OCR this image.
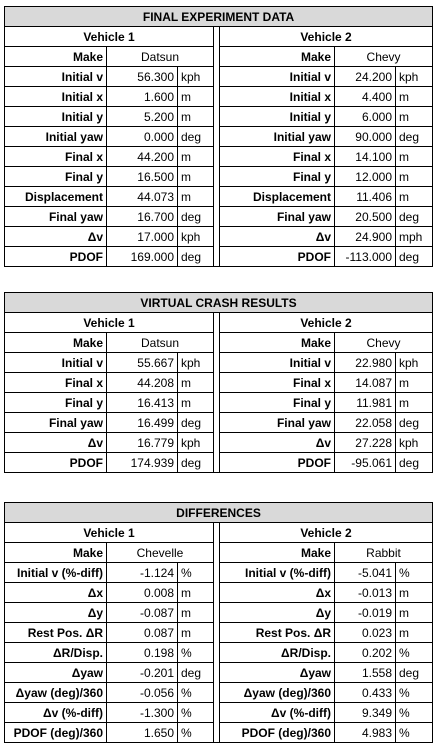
FINAL EXPERIMENT DATA						
Vehicle 1				Vehicle 2		
Make	Datsun			Make	Chevy	
Initial v	56.300	kph		Initial v	24.200	kph
Initial x	1.600	m		Initial x	4.400	m
Initial y	5.200	m		Initial y	6.000	m
Initial yaw	0.000	deg		Initial yaw	90.000	deg
Final x	44.200	m		Final x	14.100	m
Final y	16.500	m		Final y	12.000	m
Displacement	44.073	m		Displacement	11.406	m
Final yaw	16.700	deg		Final yaw	20.500	deg
Δv	17.000	kph		Δv	24.900	mph
PDOF	169.000	deg		PDOF	-113.000	deg
VIRTUAL CRASH RESULTS						
Vehicle 1				Vehicle 2		
Make	Datsun			Make	Chevy	
Initial v	55.667	kph		Initial v	22.980	kph
Final x	44.208	m		Final x	14.087	m
Final y	16.413	m		Final y	11.981	m
Final yaw	16.499	deg		Final yaw	22.058	deg
Δv	16.779	kph		Δv	27.228	kph
PDOF	174.939	deg		PDOF	-95.061	deg
DIFFERENCES						
Vehicle 1				Vehicle 2		
Make	Chevelle			Make	Rabbit	
Initial v (%-diff)	-1.124	%		Initial v (%-diff)	-5.041	%
Δx	0.008	m		Δx	-0.013	m
Δy	-0.087	m		Δy	-0.019	m
Rest Pos. ΔR	0.087	m		Rest Pos. ΔR	0.023	m
ΔR/Disp.	0.198	%		ΔR/Disp.	0.202	%
Δyaw	-0.201	deg		Δyaw	1.558	deg
Δyaw (deg)/360	-0.056	%		Δyaw (deg)/360	0.433	%
Δv (%-diff)	-1.300	%		Δv (%-diff)	9.349	%
PDOF (deg)/360	1.650	%		PDOF (deg)/360	4.983	%
